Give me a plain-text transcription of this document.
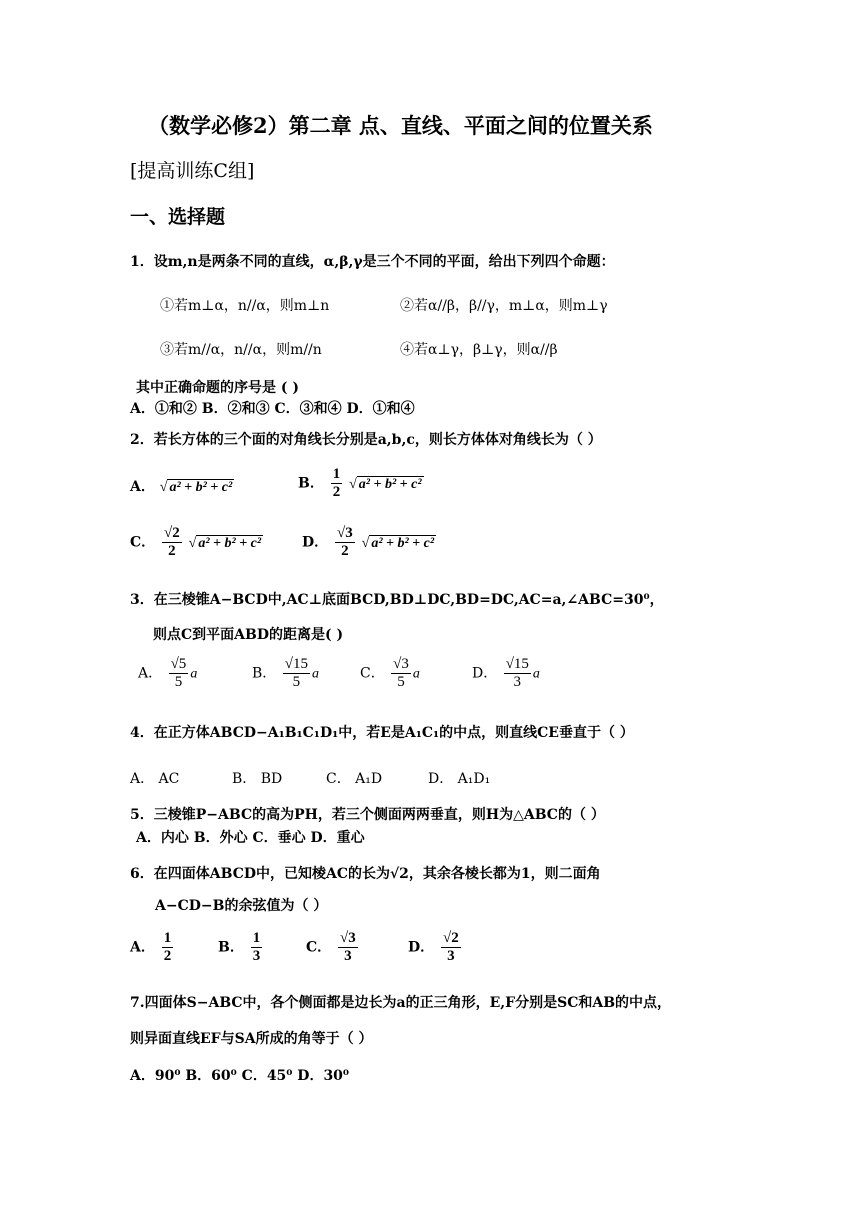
（数学必修2）第二章 点、直线、平面之间的位置关系
[提高训练C组]
一、选择题
1．设m,n是两条不同的直线，α,β,γ是三个不同的平面，给出下列四个命题：
①若m⊥α，n//α，则m⊥n	②若α//β，β//γ，m⊥α，则m⊥γ
③若m//α，n//α，则m//n	④若α⊥γ，β⊥γ，则α//β
其中正确命题的序号是 ( )
A．①和② B．②和③ C．③和④ D．①和④
2．若长方体的三个面的对角线长分别是a,b,c，则长方体体对角线长为（ ）
A． √ a² + b² + c²	B． $\frac{1}{2}$ √ a² + b² + c²
C． $\frac{√2}{2}$ √ a² + b² + c²	D． $\frac{√3}{2}$ √ a² + b² + c²
3．在三棱锥A−BCD中,AC⊥底面BCD,BD⊥DC,BD=DC,AC=a,∠ABC=30⁰，
则点C到平面ABD的距离是( )
A． $\frac{√5}{5}$ a	B． $\frac{√15}{5}$ a	C． $\frac{√3}{5}$ a	D． $\frac{√15}{3}$ a
4．在正方体ABCD−A₁B₁C₁D₁中，若E是A₁C₁的中点，则直线CE垂直于（ ）
A． AC	B． BD	C． A₁D	D． A₁D₁
5．三棱锥P−ABC的高为PH，若三个侧面两两垂直，则H为△ABC的（ ）
A．内心 B．外心 C．垂心 D．重心
6．在四面体ABCD中，已知棱AC的长为√2，其余各棱长都为1，则二面角
A−CD−B的余弦值为（ ）
A． $\frac{1}{2}$	B． $\frac{1}{3}$	C． $\frac{√3}{3}$	D． $\frac{√2}{3}$
7.四面体S−ABC中，各个侧面都是边长为a的正三角形，E,F分别是SC和AB的中点，
则异面直线EF与SA所成的角等于（ ）
A．90⁰ B．60⁰ C．45⁰ D．30⁰
